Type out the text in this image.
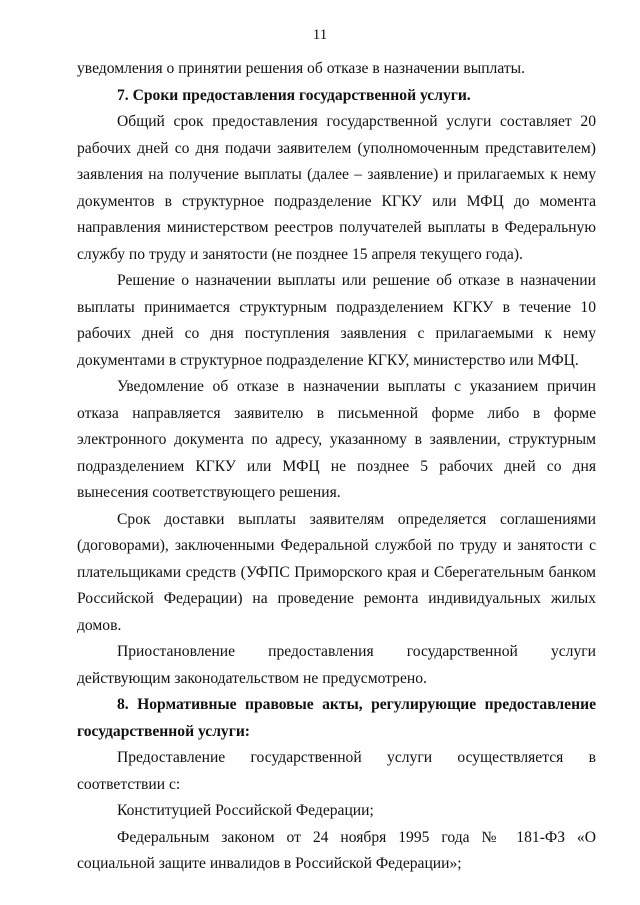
11

уведомления о принятии решения об отказе в назначении выплаты.

7. Сроки предоставления государственной услуги.

Общий срок предоставления государственной услуги составляет 20 рабочих дней со дня подачи заявителем (уполномоченным представителем) заявления на получение выплаты (далее – заявление) и прилагаемых к нему документов в структурное подразделение КГКУ или МФЦ до момента направления министерством реестров получателей выплаты в Федеральную службу по труду и занятости (не позднее 15 апреля текущего года).

Решение о назначении выплаты или решение об отказе в назначении выплаты принимается структурным подразделением КГКУ в течение 10 рабочих дней со дня поступления заявления с прилагаемыми к нему документами в структурное подразделение КГКУ, министерство или МФЦ.

Уведомление об отказе в назначении выплаты с указанием причин отказа направляется заявителю в письменной форме либо в форме электронного документа по адресу, указанному в заявлении, структурным подразделением КГКУ или МФЦ не позднее 5 рабочих дней со дня вынесения соответствующего решения.

Срок доставки выплаты заявителям определяется соглашениями (договорами), заключенными Федеральной службой по труду и занятости с плательщиками средств (УФПС Приморского края и Сберегательным банком Российской Федерации) на проведение ремонта индивидуальных жилых домов.

Приостановление предоставления государственной услуги действующим законодательством не предусмотрено.

8. Нормативные правовые акты, регулирующие предоставление государственной услуги:

Предоставление государственной услуги осуществляется в соответствии с:

Конституцией Российской Федерации;

Федеральным законом от 24 ноября 1995 года № 181-ФЗ «О социальной защите инвалидов в Российской Федерации»;
